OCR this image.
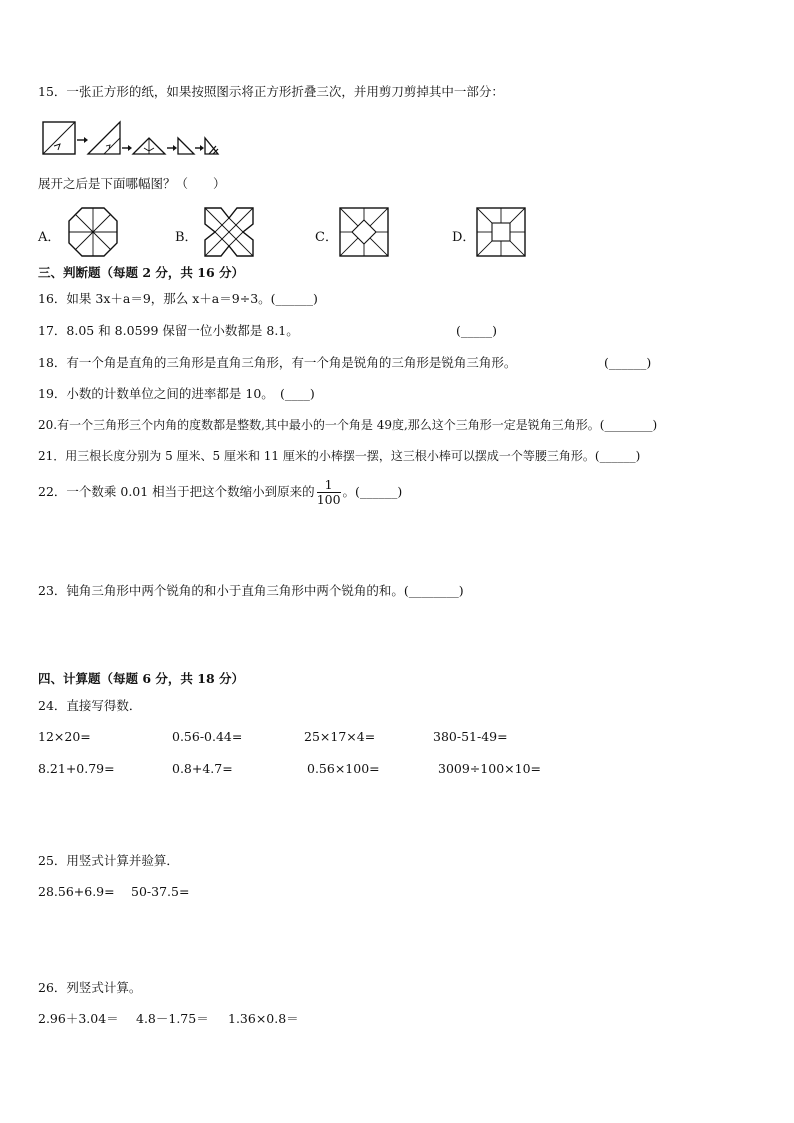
15．一张正方形的纸，如果按照图示将正方形折叠三次，并用剪刀剪掉其中一部分：
展开之后是下面哪幅图？（　　）
A．	B．	C．	D．
三、判断题（每题 2 分，共 16 分）
16．如果 3x＋a＝9，那么 x＋a＝9÷3。(______)
17．8.05 和 8.0599 保留一位小数都是 8.1。	(_____)
18．有一个角是直角的三角形是直角三角形，有一个角是锐角的三角形是锐角三角形。	(______)
19．小数的计数单位之间的进率都是 10。　(____)
20.有一个三角形三个内角的度数都是整数,其中最小的一个角是 49度,那么这个三角形一定是锐角三角形。(________)
21．用三根长度分别为 5 厘米、5 厘米和 11 厘米的小棒摆一摆，这三根小棒可以摆成一个等腰三角形。(______)
22．一个数乘 0.01 相当于把这个数缩小到原来的 $\frac{1}{100}$ 。(______)
23．钝角三角形中两个锐角的和小于直角三角形中两个锐角的和。(________)
四、计算题（每题 6 分，共 18 分）
24．直接写得数．
12×20=	0.56-0.44=	25×17×4=	380-51-49=
8.21+0.79=	0.8+4.7=	0.56×100=	3009÷100×10=
25．用竖式计算并验算．
28.56+6.9= 50-37.5=
26．列竖式计算。
2.96＋3.04＝ 4.8－1.75＝ 1.36×0.8＝
